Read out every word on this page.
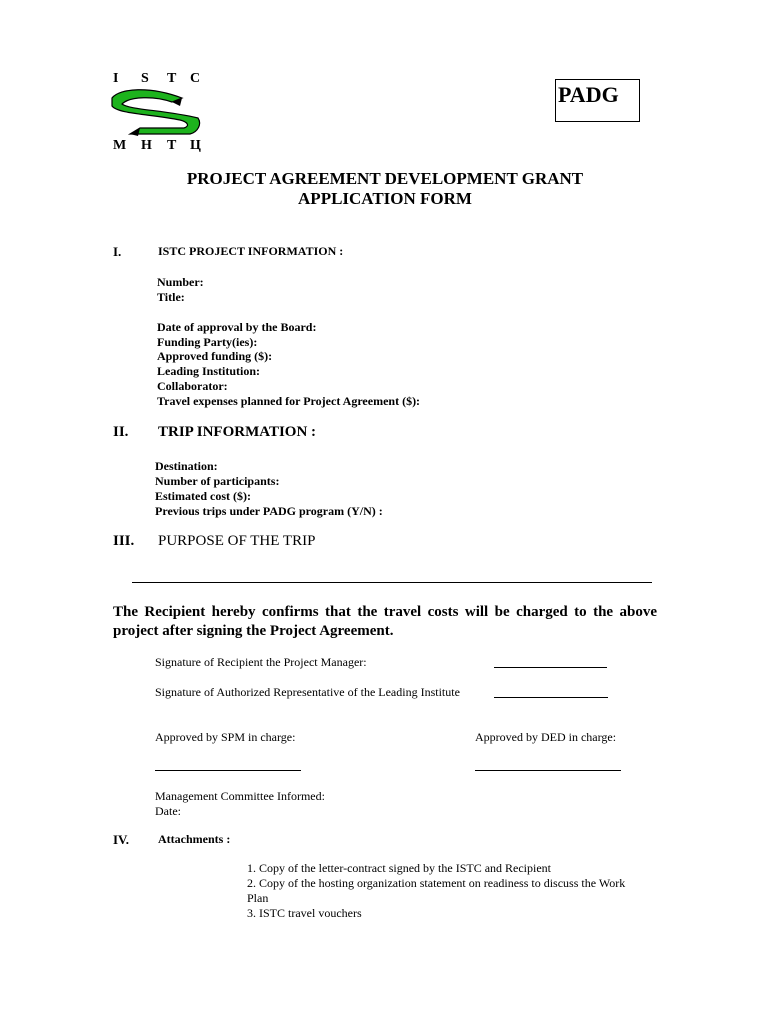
I S T C
М Н Т Ц
PADG
PROJECT AGREEMENT DEVELOPMENT GRANT
APPLICATION FORM
I.	ISTC PROJECT INFORMATION :
Number:
Title:
Date of approval by the Board:
Funding Party(ies):
Approved funding ($):
Leading Institution:
Collaborator:
Travel expenses planned for Project Agreement ($):
II. TRIP INFORMATION :
Destination:
Number of participants:
Estimated cost ($):
Previous trips under PADG program (Y/N) :
III. PURPOSE OF THE TRIP
The Recipient hereby confirms that the travel costs will be charged to the above project after signing the Project Agreement.
Signature of Recipient the Project Manager:
Signature of Authorized Representative of the Leading Institute
Approved by SPM in charge:	Approved by DED in charge:
Management Committee Informed:
Date:
IV. Attachments :
1. Copy of the letter-contract signed by the ISTC and Recipient
2. Copy of the hosting organization statement on readiness to discuss the Work Plan
3. ISTC travel vouchers
